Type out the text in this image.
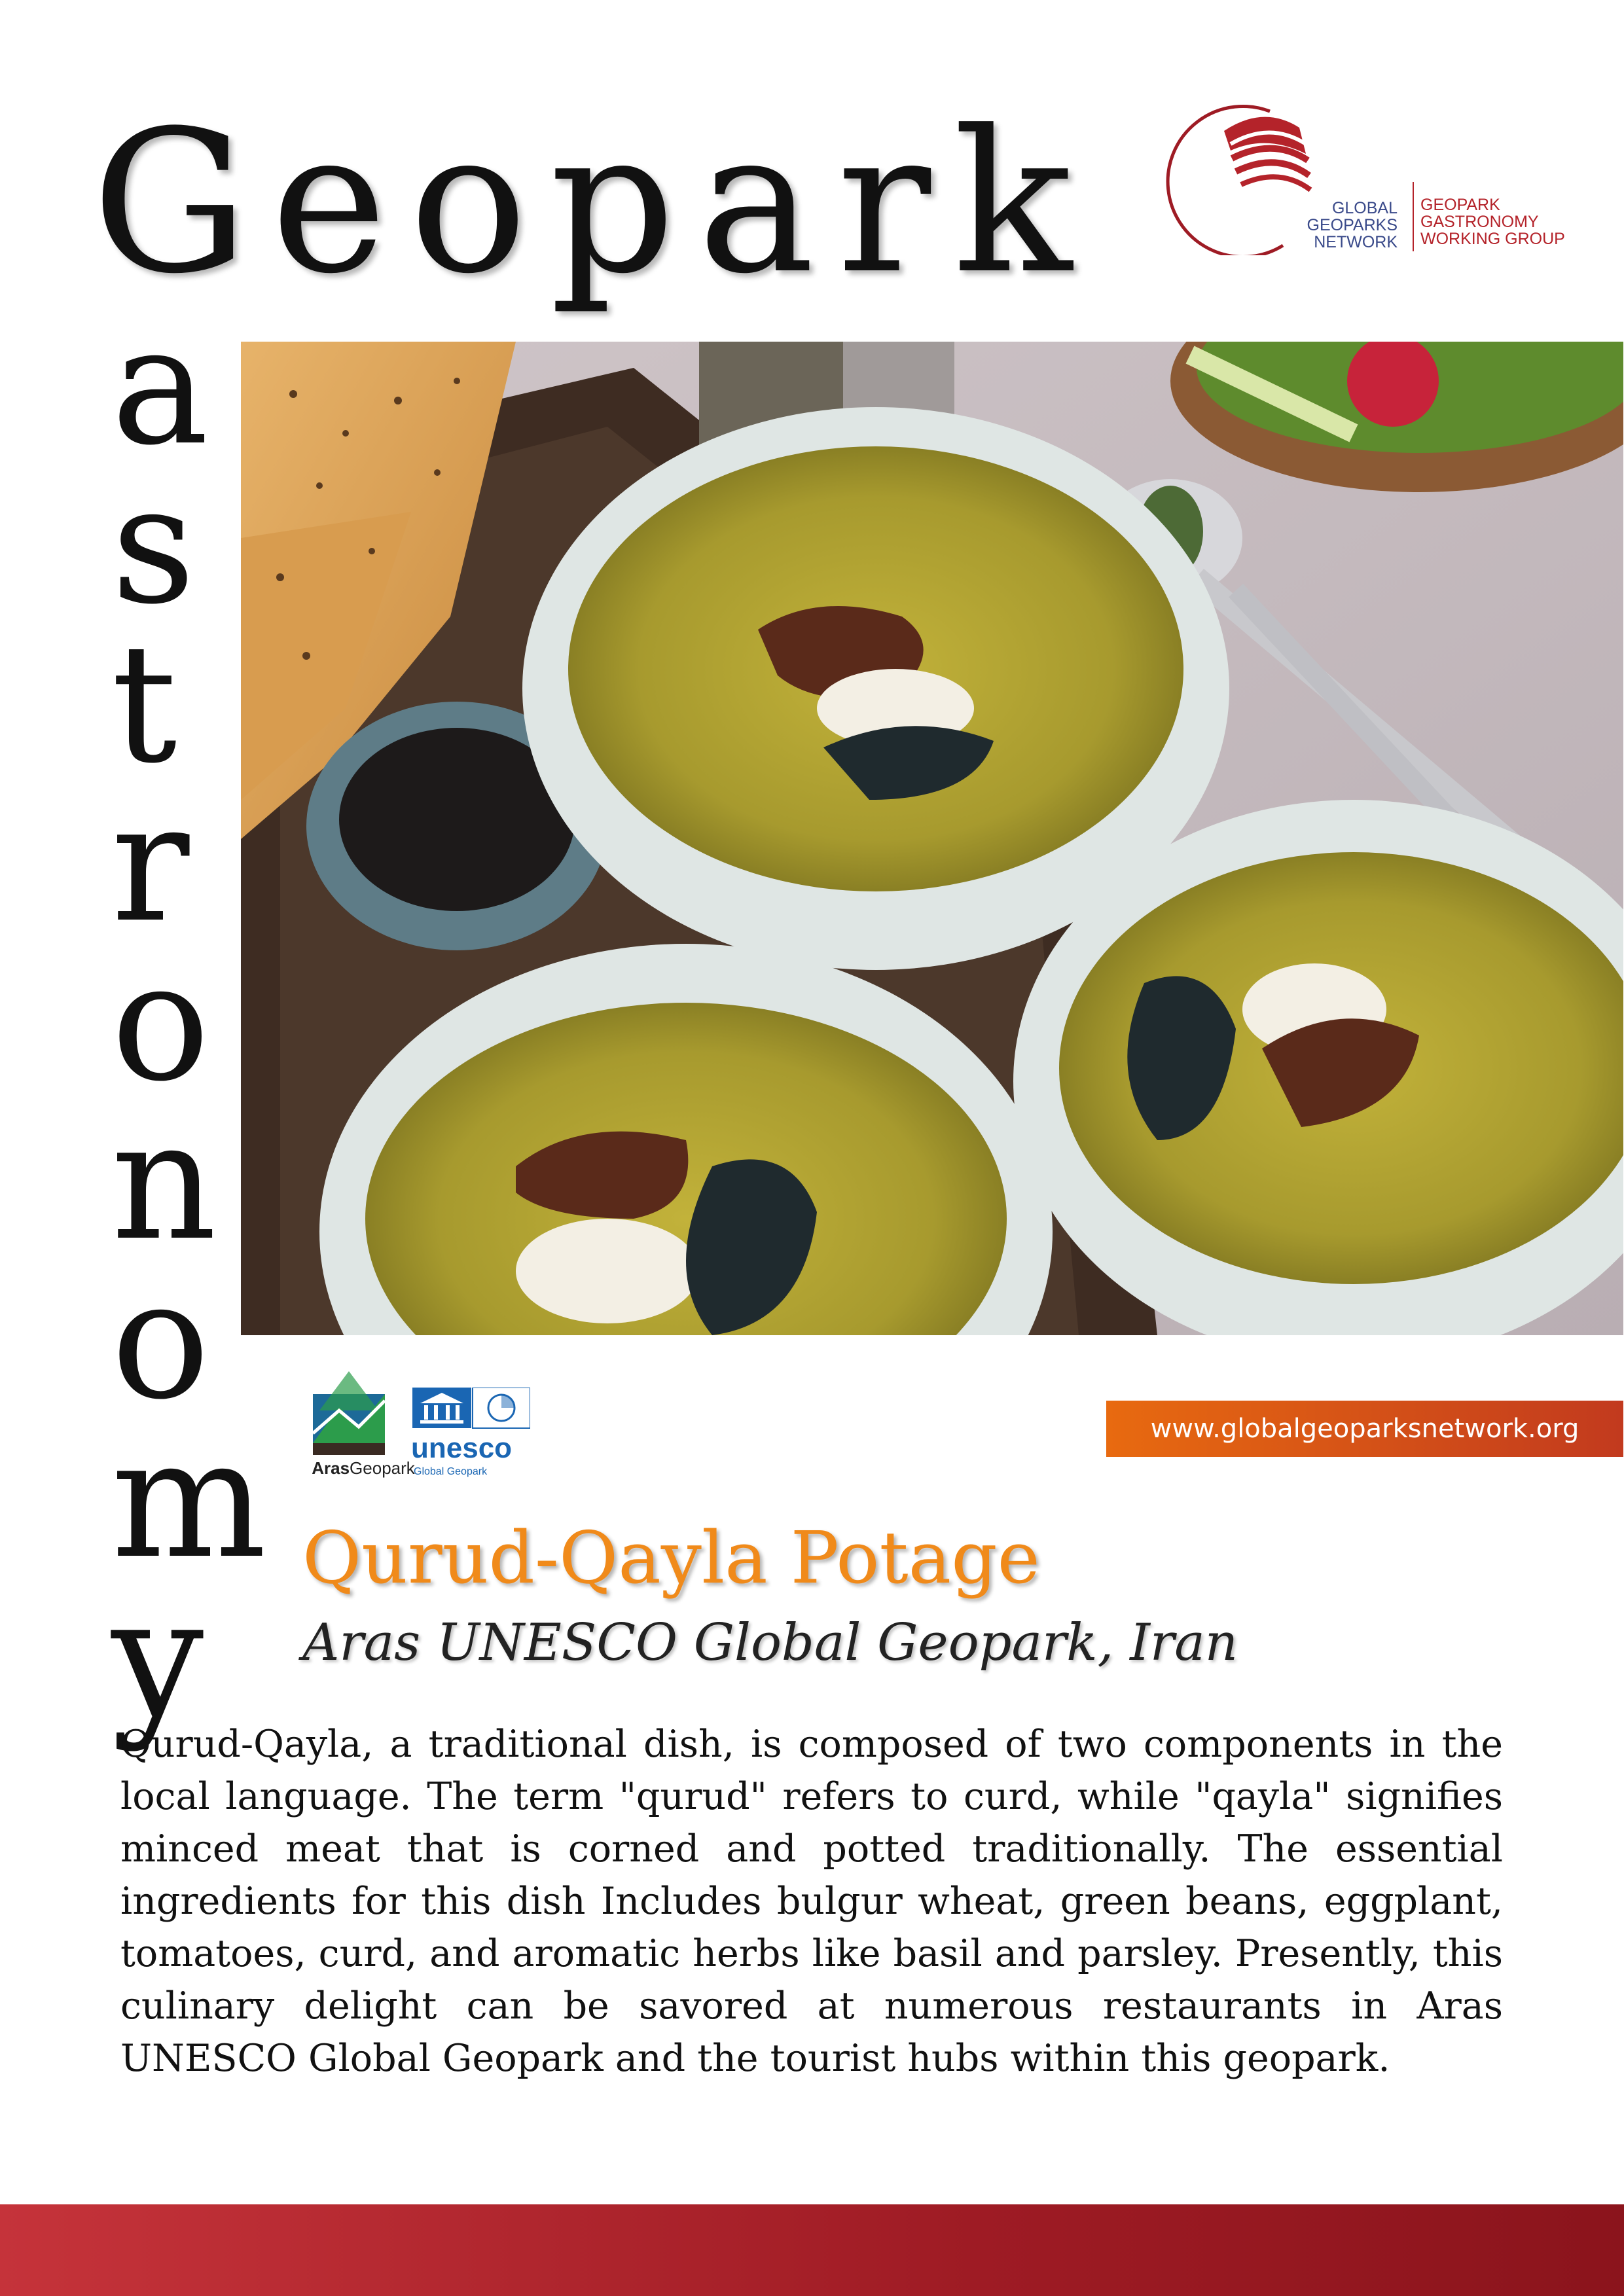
Geopark
a
s
t
r
o
n
o
m
y
GLOBAL
GEOPARKS
NETWORK
GEOPARK
GASTRONOMY
WORKING GROUP
ArasGeopark
unesco
Global Geopark
www.globalgeoparksnetwork.org
Qurud-Qayla Potage
Aras UNESCO Global Geopark, Iran
Qurud-Qayla, a traditional dish, is composed of two components in the local language. The term "qurud" refers to curd, while "qayla" signifies minced meat that is corned and potted traditionally. The essential ingredients for this dish Includes bulgur wheat, green beans, eggplant, tomatoes, curd, and aromatic herbs like basil and parsley. Presently, this culinary delight can be savored at numerous restaurants in Aras UNESCO Global Geopark and the tourist hubs within this geopark.
